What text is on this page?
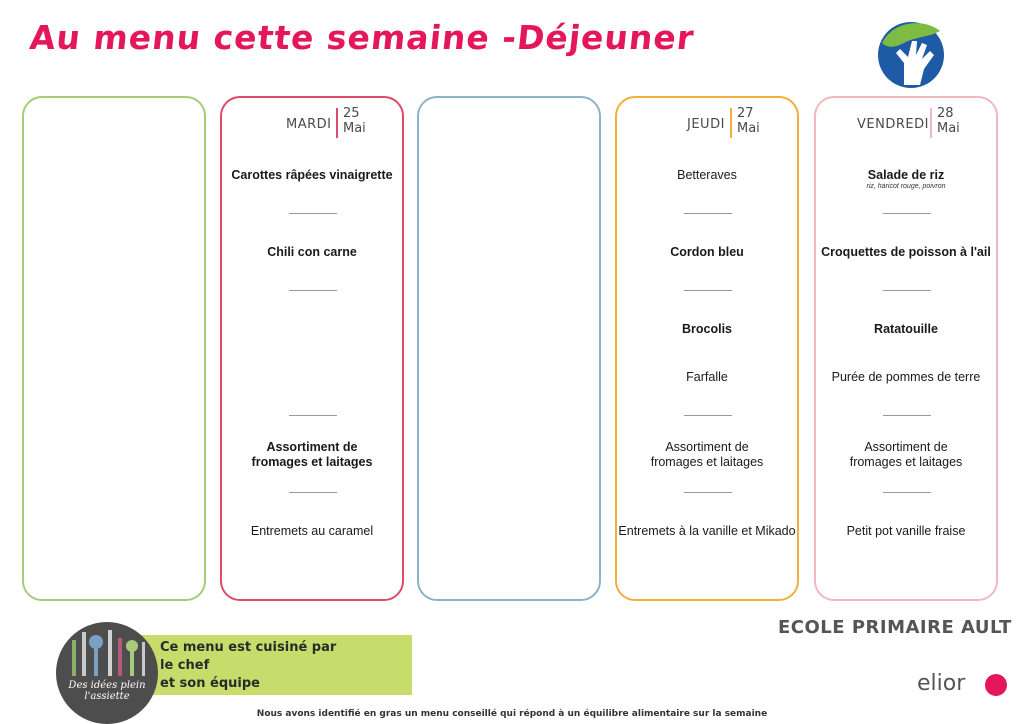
Au menu cette semaine -Déjeuner
MARDI
25
Mai
Carottes râpées vinaigrette
Chili con carne
Assortiment de
fromages et laitages
Entremets au caramel
JEUDI
27
Mai
Betteraves
Cordon bleu
Brocolis
Farfalle
Assortiment de
fromages et laitages
Entremets à la vanille et Mikado
VENDREDI
28
Mai
Salade de riz
riz, haricot rouge, poivron
Croquettes de poisson à l'ail
Ratatouille
Purée de pommes de terre
Assortiment de
fromages et laitages
Petit pot vanille fraise
ECOLE PRIMAIRE AULT
Ce menu est cuisiné par
le chef
et son équipe
Des idées plein l'assiette
elior
Nous avons identifié en gras un menu conseillé qui répond à un équilibre alimentaire sur la semaine
